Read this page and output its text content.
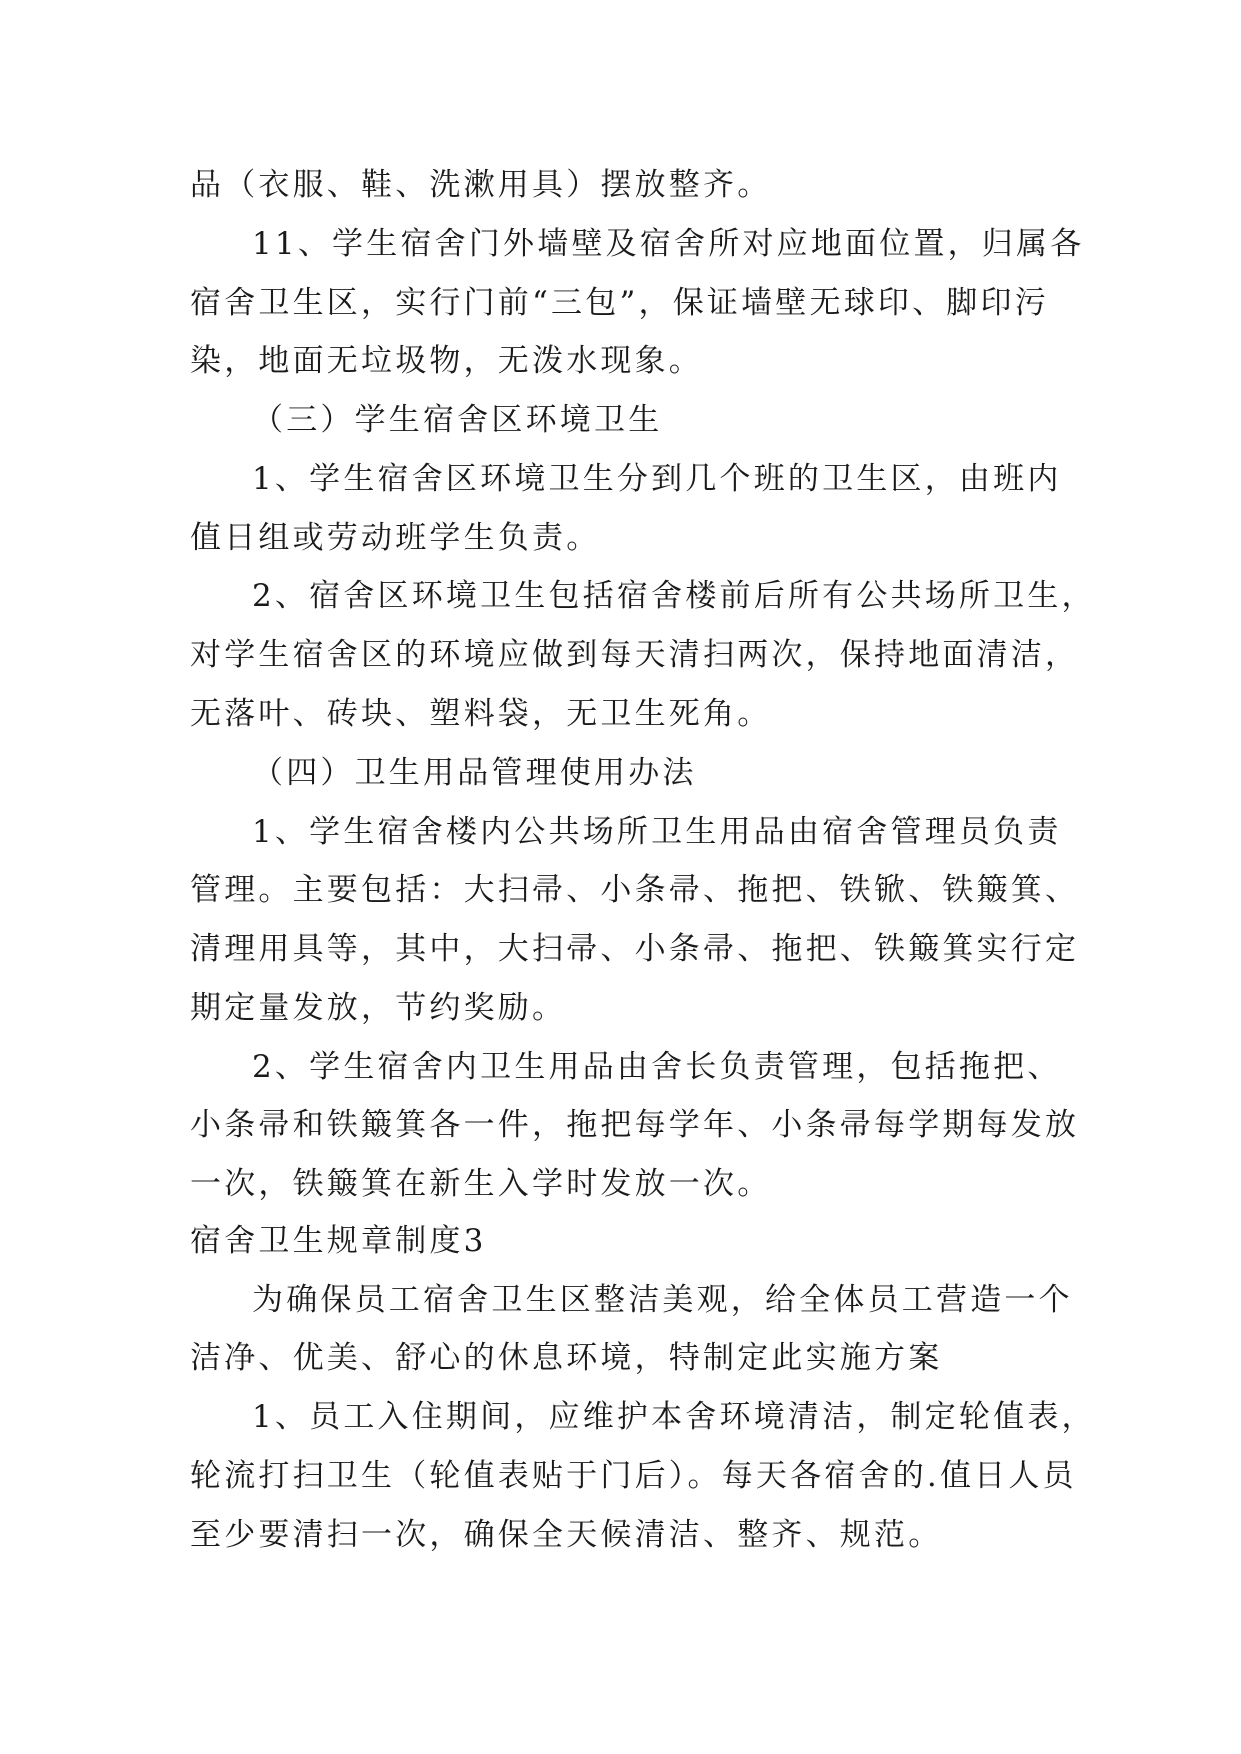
品（衣服、鞋、洗漱用具）摆放整齐。
11、学生宿舍门外墙壁及宿舍所对应地面位置，归属各
宿舍卫生区，实行门前“三包”，保证墙壁无球印、脚印污
染，地面无垃圾物，无泼水现象。
（三）学生宿舍区环境卫生
1、学生宿舍区环境卫生分到几个班的卫生区，由班内
值日组或劳动班学生负责。
2、宿舍区环境卫生包括宿舍楼前后所有公共场所卫生，
对学生宿舍区的环境应做到每天清扫两次，保持地面清洁，
无落叶、砖块、塑料袋，无卫生死角。
（四）卫生用品管理使用办法
1、学生宿舍楼内公共场所卫生用品由宿舍管理员负责
管理。主要包括：大扫帚、小条帚、拖把、铁锨、铁簸箕、
清理用具等，其中，大扫帚、小条帚、拖把、铁簸箕实行定
期定量发放，节约奖励。
2、学生宿舍内卫生用品由舍长负责管理，包括拖把、
小条帚和铁簸箕各一件，拖把每学年、小条帚每学期每发放
一次，铁簸箕在新生入学时发放一次。
宿舍卫生规章制度3
为确保员工宿舍卫生区整洁美观，给全体员工营造一个
洁净、优美、舒心的休息环境，特制定此实施方案
1、员工入住期间，应维护本舍环境清洁，制定轮值表，
轮流打扫卫生（轮值表贴于门后）。每天各宿舍的.值日人员
至少要清扫一次，确保全天候清洁、整齐、规范。
